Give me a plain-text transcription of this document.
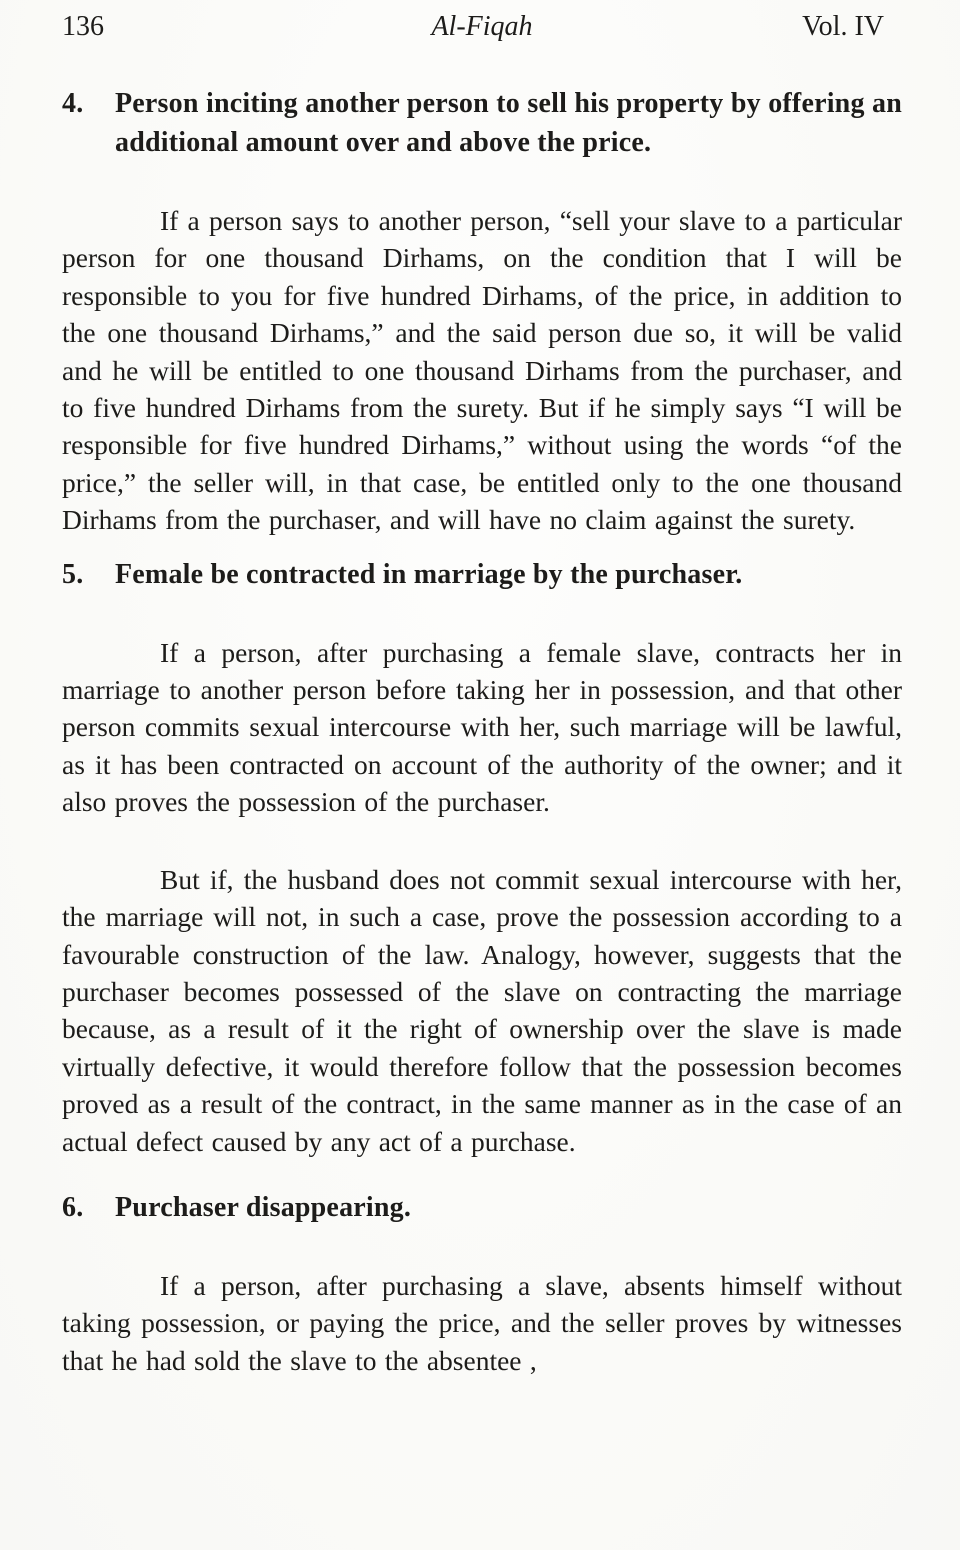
136	Al-Fiqah	Vol. IV
4.	Person inciting another person to sell his property by offering an additional amount over and above the price.

If a person says to another person, “sell your slave to a particular person for one thousand Dirhams, on the condition that I will be responsible to you for five hundred Dirhams, of the price, in addition to the one thousand Dirhams,” and the said person due so, it will be valid and he will be entitled to one thousand Dirhams from the purchaser, and to five hundred Dirhams from the surety. But if he simply says “I will be responsible for five hundred Dirhams,” without using the words “of the price,” the seller will, in that case, be entitled only to the one thousand Dirhams from the purchaser, and will have no claim against the surety.

5.	Female be contracted in marriage by the purchaser.

If a person, after purchasing a female slave, contracts her in marriage to another person before taking her in possession, and that other person commits sexual intercourse with her, such marriage will be lawful, as it has been contracted on account of the authority of the owner; and it also proves the possession of the purchaser.

But if, the husband does not commit sexual intercourse with her, the marriage will not, in such a case, prove the possession according to a favourable construction of the law. Analogy, however, suggests that the purchaser becomes possessed of the slave on contracting the marriage because, as a result of it the right of ownership over the slave is made virtually defective, it would therefore follow that the possession becomes proved as a result of the contract, in the same manner as in the case of an actual defect caused by any act of a purchase.

6.	Purchaser disappearing.

If a person, after purchasing a slave, absents himself without taking possession, or paying the price, and the seller proves by witnesses that he had sold the slave to the absentee ,
